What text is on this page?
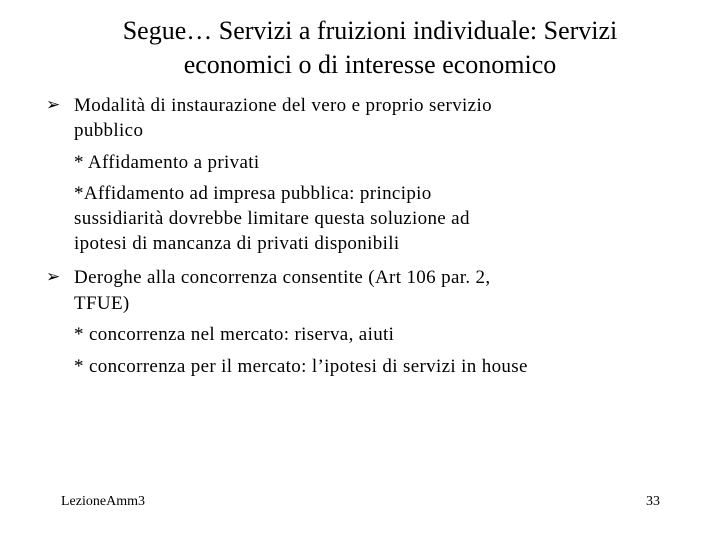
Segue… Servizi a fruizioni individuale: Servizi
economici o di interesse economico
➢ Modalità di instaurazione del vero e proprio servizio
pubblico
* Affidamento a privati
*Affidamento ad impresa pubblica: principio
sussidiarità dovrebbe limitare questa soluzione ad
ipotesi di mancanza di privati disponibili
➢ Deroghe alla concorrenza consentite (Art 106 par. 2,
TFUE)
* concorrenza nel mercato: riserva, aiuti
* concorrenza per il mercato: l’ipotesi di servizi in house
LezioneAmm3	33
